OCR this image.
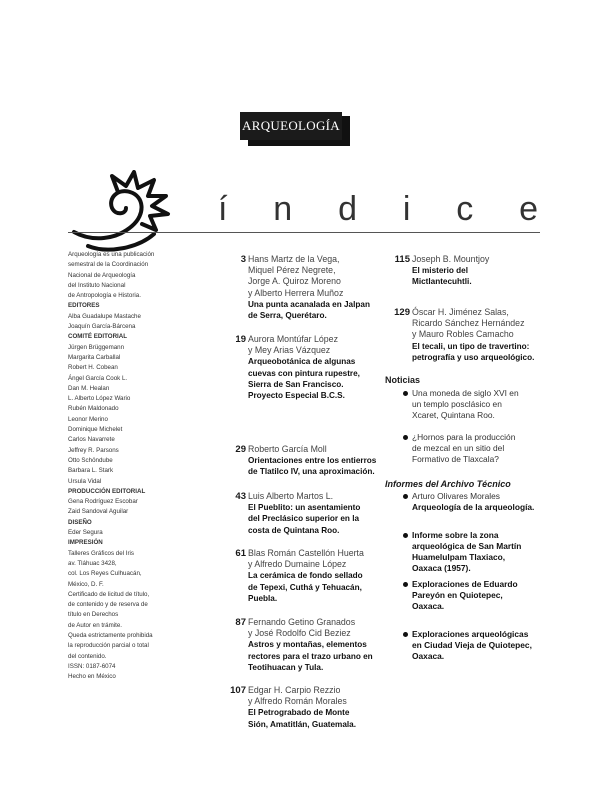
ARQUEOLOGÍA
í n d i c e
Arqueología es una publicación
semestral de la Coordinación
Nacional de Arqueología
del Instituto Nacional
de Antropología e Historia.
EDITORES
Alba Guadalupe Mastache
Joaquín García-Bárcena
COMITÉ EDITORIAL
Jürgen Brüggemann
Margarita Carballal
Robert H. Cobean
Ángel García Cook L.
Dan M. Healan
L. Alberto López Wario
Rubén Maldonado
Leonor Merino
Dominique Michelet
Carlos Navarrete
Jeffrey R. Parsons
Otto Schöndube
Barbara L. Stark
Ursula Vidal
PRODUCCIÓN EDITORIAL
Gena Rodríguez Escobar
Zaid Sandoval Aguilar
DISEÑO
Eder Segura
IMPRESIÓN
Talleres Gráficos del Iris
av. Tláhuac 3428,
col. Los Reyes Culhuacán,
México, D. F.
Certificado de licitud de título,
de contenido y de reserva de
título en Derechos
de Autor en trámite.
Queda estrictamente prohibida
la reproducción parcial o total
del contenido.
ISSN: 0187-6074
Hecho en México
3 Hans Martz de la Vega,
Miquel Pérez Negrete,
Jorge A. Quiroz Moreno
y Alberto Herrera Muñoz
Una punta acanalada en Jalpan
de Serra, Querétaro.
19 Aurora Montúfar López
y Mey Arias Vázquez
Arqueobotánica de algunas
cuevas con pintura rupestre,
Sierra de San Francisco.
Proyecto Especial B.C.S.
29 Roberto García Moll
Orientaciones entre los entierros
de Tlatilco IV, una aproximación.
43 Luis Alberto Martos L.
El Pueblito: un asentamiento
del Preclásico superior en la
costa de Quintana Roo.
61 Blas Román Castellón Huerta
y Alfredo Dumaine López
La cerámica de fondo sellado
de Tepexi, Cuthá y Tehuacán,
Puebla.
87 Fernando Getino Granados
y José Rodolfo Cid Beziez
Astros y montañas, elementos
rectores para el trazo urbano en
Teotihuacan y Tula.
107 Edgar H. Carpio Rezzio
y Alfredo Román Morales
El Petrograbado de Monte
Sión, Amatitlán, Guatemala.
115 Joseph B. Mountjoy
El misterio del
Mictlantecuhtli.
129 Óscar H. Jiménez Salas,
Ricardo Sánchez Hernández
y Mauro Robles Camacho
El tecali, un tipo de travertino:
petrografía y uso arqueológico.
Noticias
Una moneda de siglo XVI en
un templo posclásico en
Xcaret, Quintana Roo.
¿Hornos para la producción
de mezcal en un sitio del
Formativo de Tlaxcala?
Informes del Archivo Técnico
Arturo Olivares Morales
Arqueología de la arqueología.
Informe sobre la zona
arqueológica de San Martín
Huamelulpam Tlaxiaco,
Oaxaca (1957).
Exploraciones de Eduardo
Pareyón en Quiotepec,
Oaxaca.
Exploraciones arqueológicas
en Ciudad Vieja de Quiotepec,
Oaxaca.
